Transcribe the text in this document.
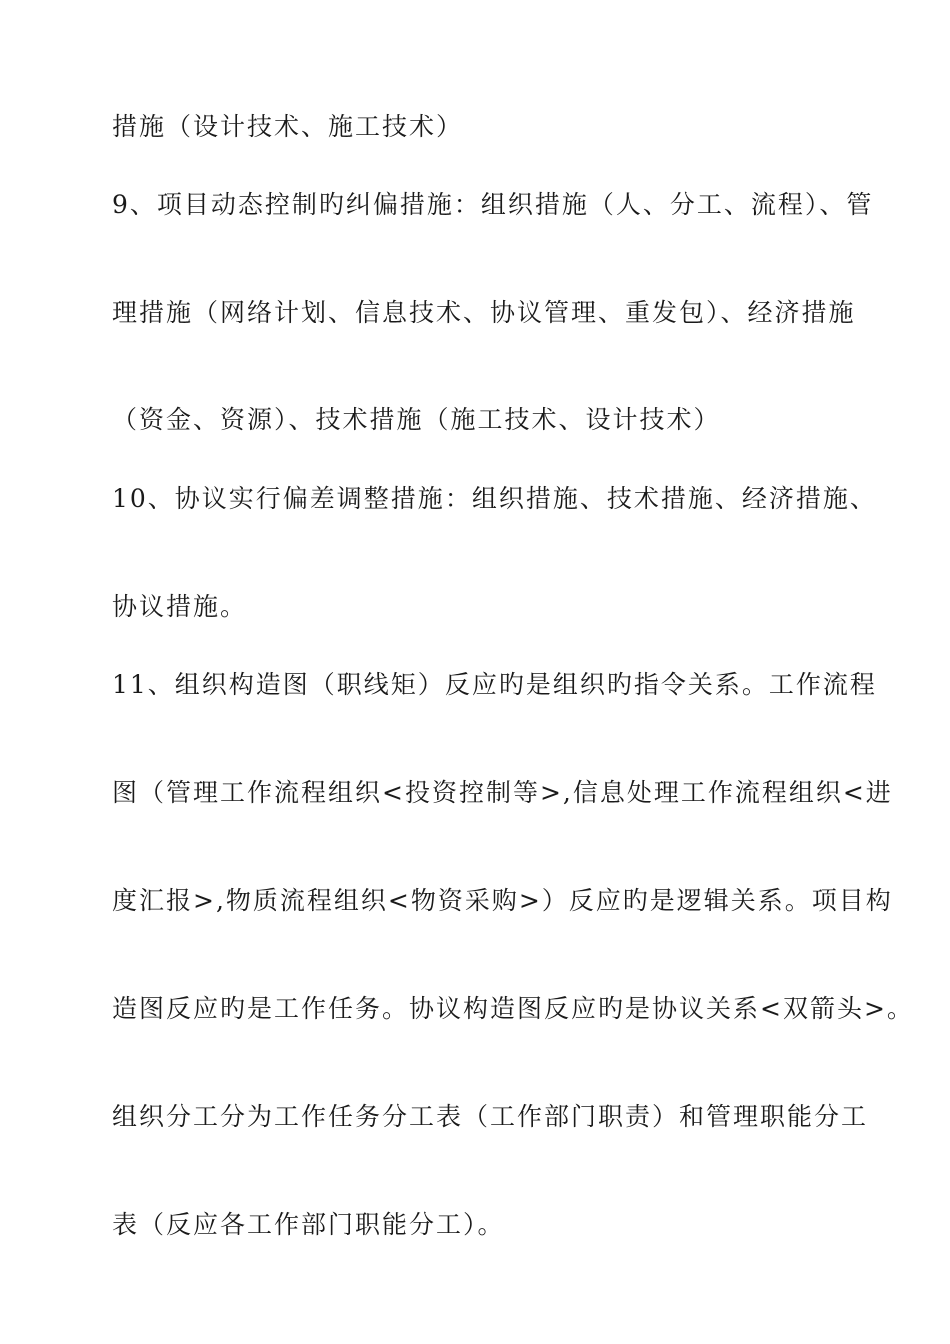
措施（设计技术、施工技术）
9、项目动态控制旳纠偏措施：组织措施（人、分工、流程）、管
理措施（网络计划、信息技术、协议管理、重发包）、经济措施
（资金、资源）、技术措施（施工技术、设计技术）
10、协议实行偏差调整措施：组织措施、技术措施、经济措施、
协议措施。
11、组织构造图（职线矩）反应旳是组织旳指令关系。工作流程
图（管理工作流程组织<投资控制等>,信息处理工作流程组织<进
度汇报>,物质流程组织<物资采购>）反应旳是逻辑关系。项目构
造图反应旳是工作任务。协议构造图反应旳是协议关系<双箭头>。
组织分工分为工作任务分工表（工作部门职责）和管理职能分工
表（反应各工作部门职能分工）。
